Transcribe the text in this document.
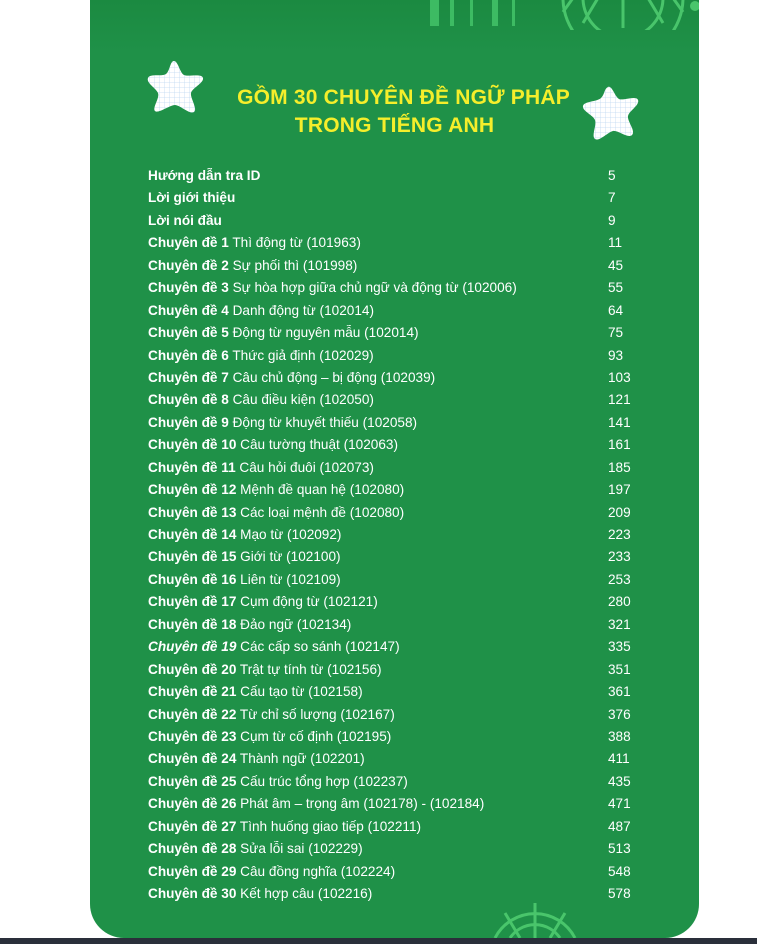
GỒM 30 CHUYÊN ĐỀ NGỮ PHÁP
TRONG TIẾNG ANH
Hướng dẫn tra ID	5
Lời giới thiệu	7
Lời nói đầu	9
Chuyên đề 1 Thì động từ (101963)	11
Chuyên đề 2 Sự phối thì (101998)	45
Chuyên đề 3 Sự hòa hợp giữa chủ ngữ và động từ (102006)	55
Chuyên đề 4 Danh động từ (102014)	64
Chuyên đề 5 Động từ nguyên mẫu (102014)	75
Chuyên đề 6 Thức giả định (102029)	93
Chuyên đề 7 Câu chủ động – bị động (102039)	103
Chuyên đề 8 Câu điều kiện (102050)	121
Chuyên đề 9 Động từ khuyết thiếu (102058)	141
Chuyên đề 10 Câu tường thuật (102063)	161
Chuyên đề 11 Câu hỏi đuôi (102073)	185
Chuyên đề 12 Mệnh đề quan hệ (102080)	197
Chuyên đề 13 Các loại mệnh đề (102080)	209
Chuyên đề 14 Mạo từ (102092)	223
Chuyên đề 15 Giới từ (102100)	233
Chuyên đề 16 Liên từ (102109)	253
Chuyên đề 17 Cụm động từ (102121)	280
Chuyên đề 18 Đảo ngữ (102134)	321
Chuyên đề 19 Các cấp so sánh (102147)	335
Chuyên đề 20 Trật tự tính từ (102156)	351
Chuyên đề 21 Cấu tạo từ (102158)	361
Chuyên đề 22 Từ chỉ số lượng (102167)	376
Chuyên đề 23 Cụm từ cố định (102195)	388
Chuyên đề 24 Thành ngữ (102201)	411
Chuyên đề 25 Cấu trúc tổng hợp (102237)	435
Chuyên đề 26 Phát âm – trọng âm (102178) - (102184)	471
Chuyên đề 27 Tình huống giao tiếp (102211)	487
Chuyên đề 28 Sửa lỗi sai (102229)	513
Chuyên đề 29 Câu đồng nghĩa (102224)	548
Chuyên đề 30 Kết hợp câu (102216)	578
